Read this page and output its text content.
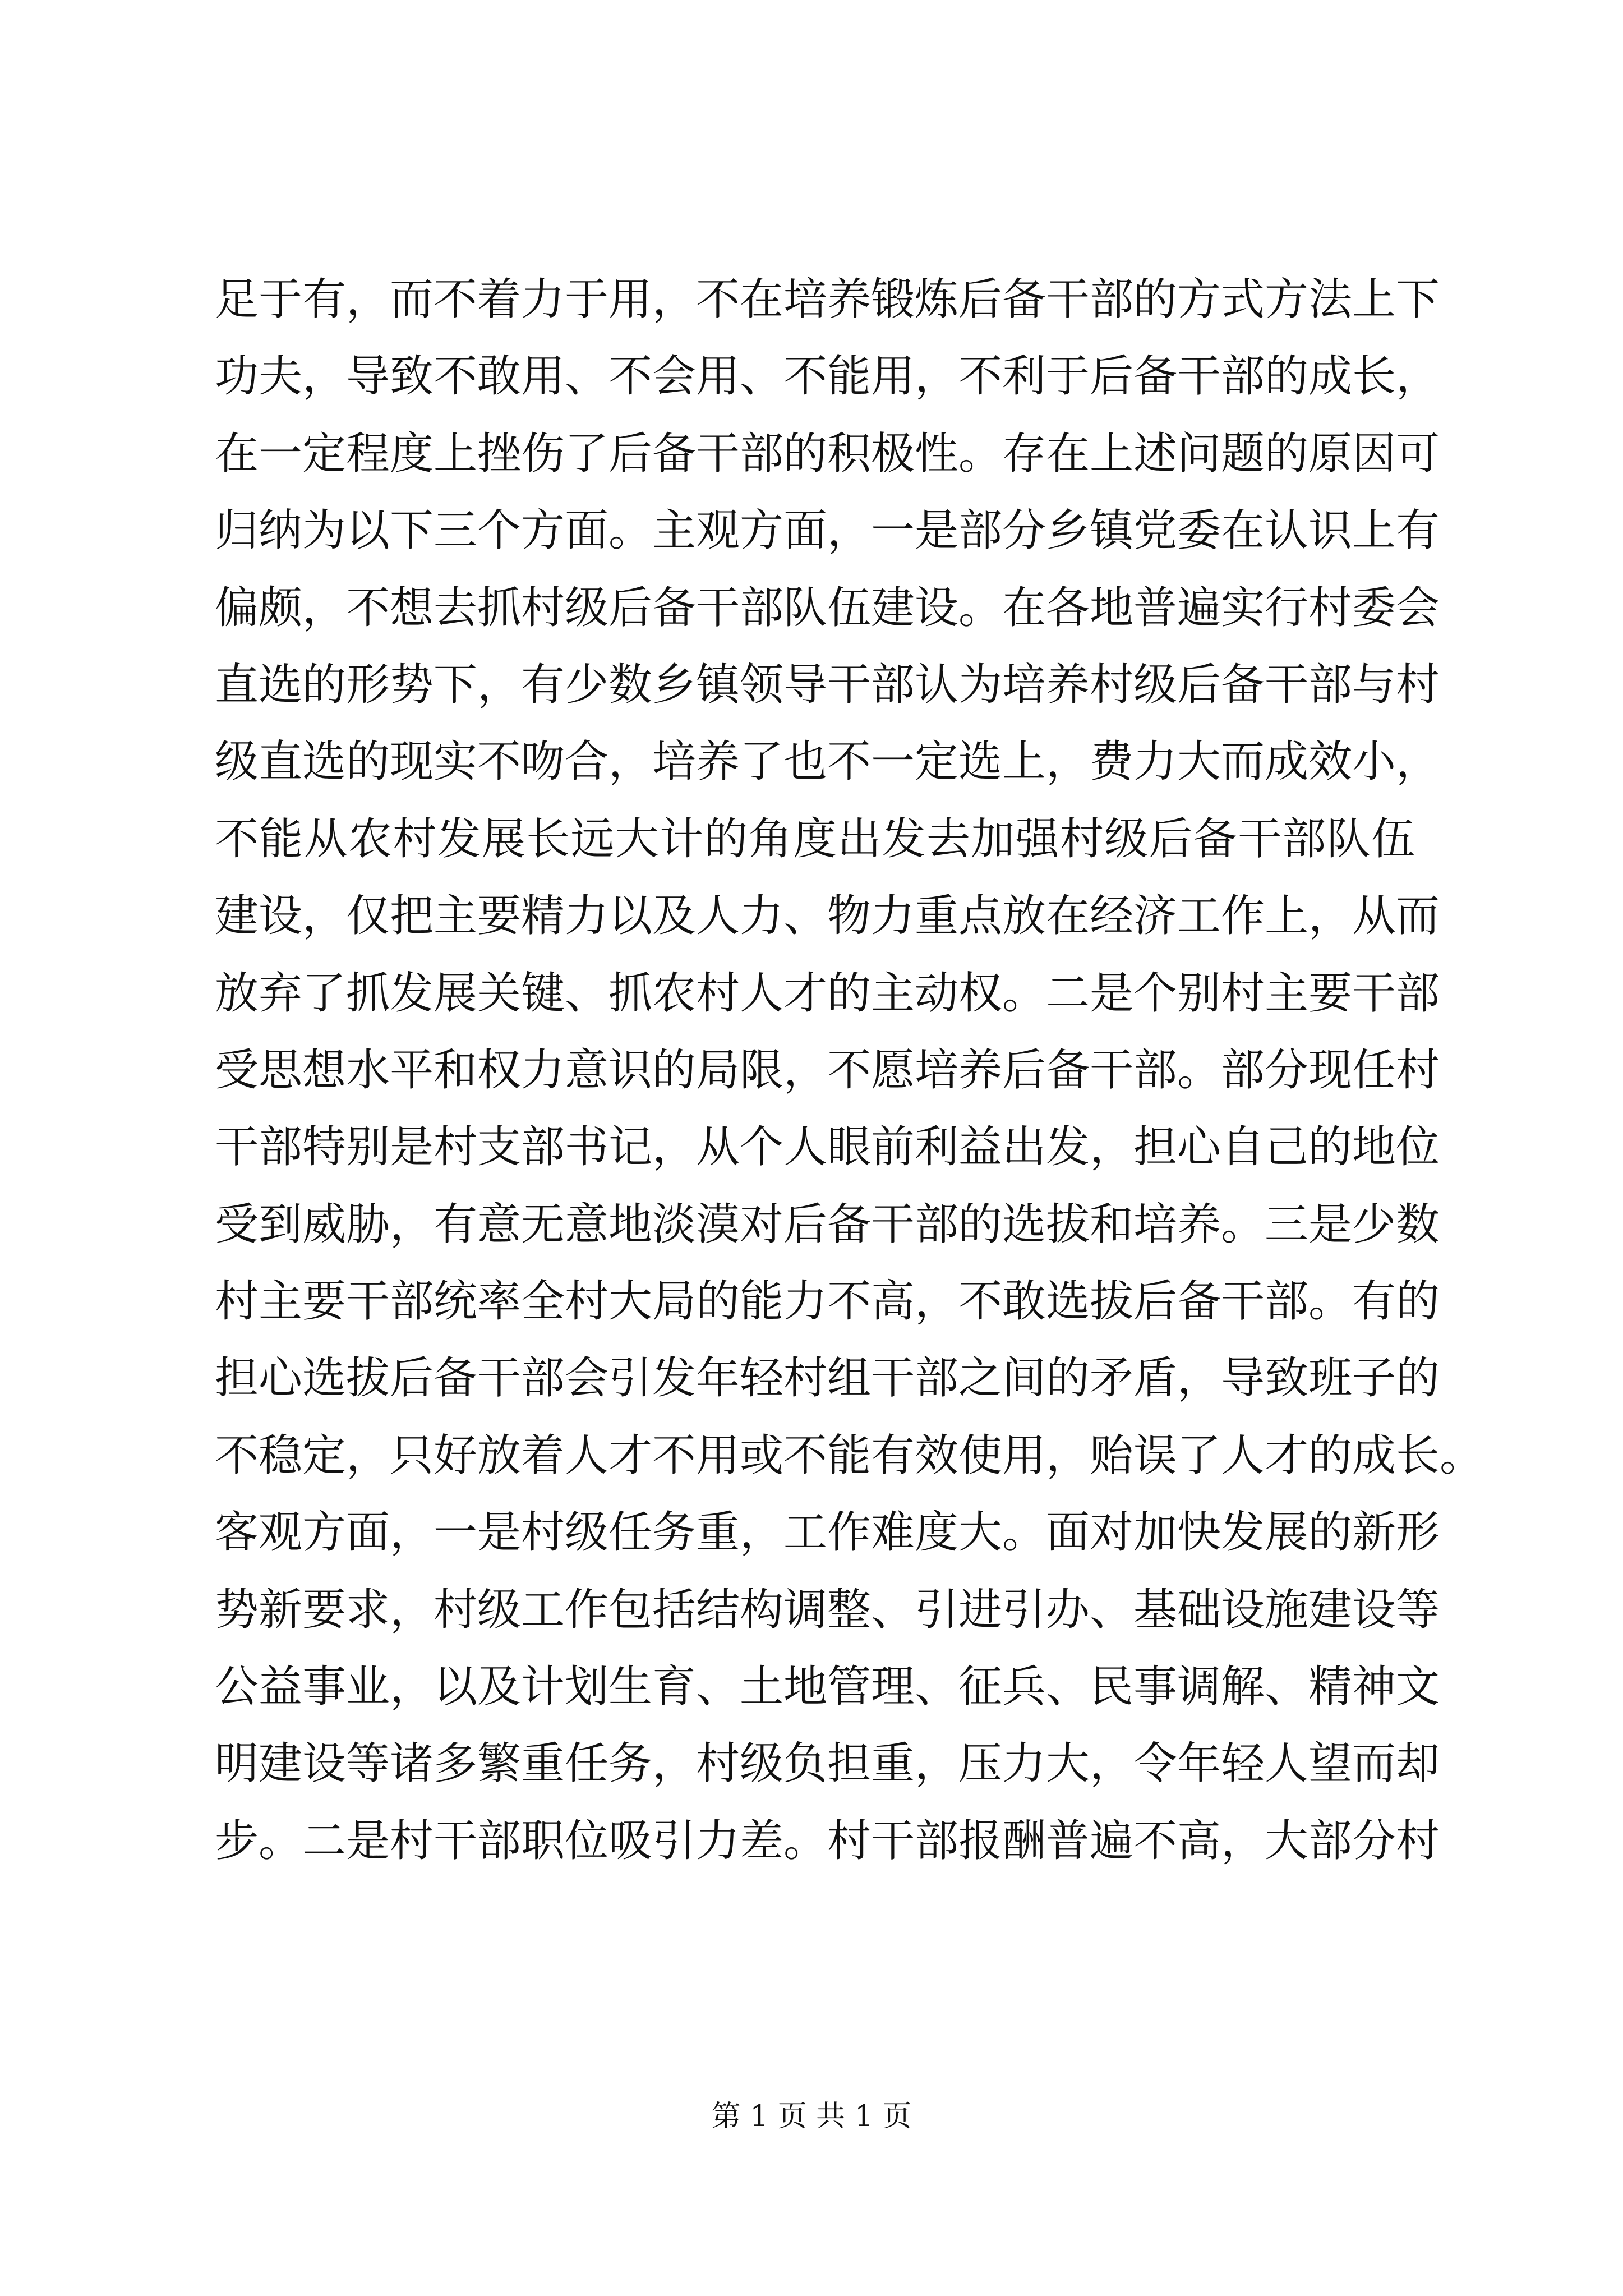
足于有，而不着力于用，不在培养锻炼后备干部的方式方法上下
功夫，导致不敢用、不会用、不能用，不利于后备干部的成长，
在一定程度上挫伤了后备干部的积极性。存在上述问题的原因可
归纳为以下三个方面。主观方面，一是部分乡镇党委在认识上有
偏颇，不想去抓村级后备干部队伍建设。在各地普遍实行村委会
直选的形势下，有少数乡镇领导干部认为培养村级后备干部与村
级直选的现实不吻合，培养了也不一定选上，费力大而成效小，
不能从农村发展长远大计的角度出发去加强村级后备干部队伍
建设，仅把主要精力以及人力、物力重点放在经济工作上，从而
放弃了抓发展关键、抓农村人才的主动权。二是个别村主要干部
受思想水平和权力意识的局限，不愿培养后备干部。部分现任村
干部特别是村支部书记，从个人眼前利益出发，担心自己的地位
受到威胁，有意无意地淡漠对后备干部的选拔和培养。三是少数
村主要干部统率全村大局的能力不高，不敢选拔后备干部。有的
担心选拔后备干部会引发年轻村组干部之间的矛盾，导致班子的
不稳定，只好放着人才不用或不能有效使用，贻误了人才的成长。
客观方面，一是村级任务重，工作难度大。面对加快发展的新形
势新要求，村级工作包括结构调整、引进引办、基础设施建设等
公益事业，以及计划生育、土地管理、征兵、民事调解、精神文
明建设等诸多繁重任务，村级负担重，压力大，令年轻人望而却
步。二是村干部职位吸引力差。村干部报酬普遍不高，大部分村
第 1 页 共 1 页
